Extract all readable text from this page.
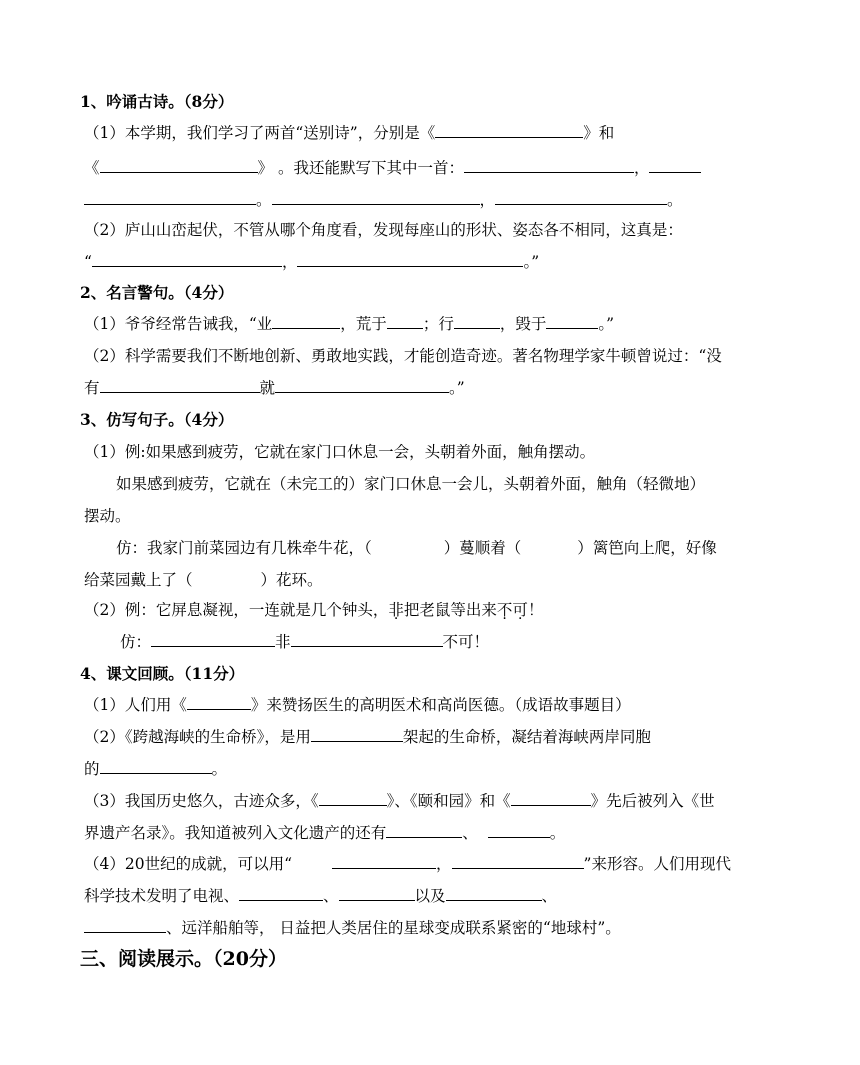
1、吟诵古诗。（8分）
（1）本学期，我们学习了两首“送别诗”，分别是《	》和
《	》 。我还能默写下其中一首：	，
。	，	。
（2）庐山山峦起伏，不管从哪个角度看，发现每座山的形状、姿态各不相同，这真是：
“	，	。”
2、名言警句。（4分）
（1）爷爷经常告诫我，“业	，荒于 ；行	，毁于	。”
（2）科学需要我们不断地创新、勇敢地实践，才能创造奇迹。著名物理学家牛顿曾说过：“没
有	就	。”
3、仿写句子。（4分）
（1）例:如果感到疲劳，它就在家门口休息一会，头朝着外面，触角摆动。
如果感到疲劳，它就在（未完工的）家门口休息一会儿，头朝着外面，触角（轻微地）
摆动。
仿：我家门前菜园边有几株牵牛花，（	）蔓顺着（	）篱笆向上爬，好像
给菜园戴上了（	）花环。
（2）例：它屏息凝视，一连就是几个钟头，非把老鼠等出来不可！
仿：	非	不可！
4、课文回顾。（11分）
（1）人们用《	》来赞扬医生的高明医术和高尚医德。（成语故事题目）
（2）《跨越海峡的生命桥》，是用	架起的生命桥，凝结着海峡两岸同胞
的	。
（3）我国历史悠久，古迹众多，《	》、《颐和园》和《	》先后被列入《世
界遗产名录》。我知道被列入文化遗产的还有	、	。
（4）20世纪的成就，可以用“	，	”来形容。人们用现代
科学技术发明了电视、	、	以及	、
、远洋船舶等， 日益把人类居住的星球变成联系紧密的“地球村”。
三、阅读展示。（20分）
